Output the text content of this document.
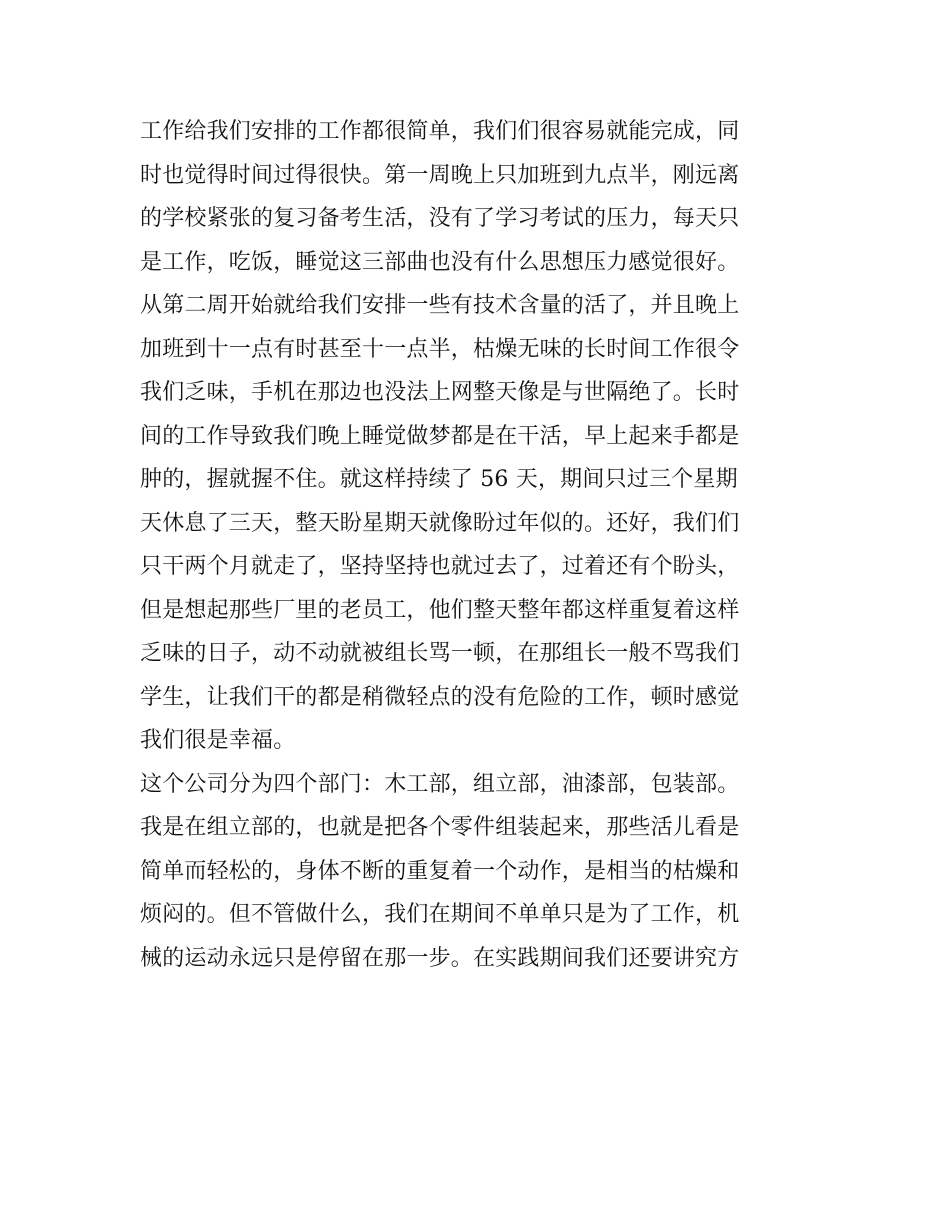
工作给我们安排的工作都很简单，我们们很容易就能完成，同
时也觉得时间过得很快。第一周晚上只加班到九点半，刚远离
的学校紧张的复习备考生活，没有了学习考试的压力，每天只
是工作，吃饭，睡觉这三部曲也没有什么思想压力感觉很好。
从第二周开始就给我们安排一些有技术含量的活了，并且晚上
加班到十一点有时甚至十一点半，枯燥无味的长时间工作很令
我们乏味，手机在那边也没法上网整天像是与世隔绝了。长时
间的工作导致我们晚上睡觉做梦都是在干活，早上起来手都是
肿的，握就握不住。就这样持续了 56 天，期间只过三个星期
天休息了三天，整天盼星期天就像盼过年似的。还好，我们们
只干两个月就走了，坚持坚持也就过去了，过着还有个盼头，
但是想起那些厂里的老员工，他们整天整年都这样重复着这样
乏味的日子，动不动就被组长骂一顿，在那组长一般不骂我们
学生，让我们干的都是稍微轻点的没有危险的工作，顿时感觉
我们很是幸福。
这个公司分为四个部门：木工部，组立部，油漆部，包装部。
我是在组立部的，也就是把各个零件组装起来，那些活儿看是
简单而轻松的，身体不断的重复着一个动作，是相当的枯燥和
烦闷的。但不管做什么，我们在期间不单单只是为了工作，机
械的运动永远只是停留在那一步。在实践期间我们还要讲究方
